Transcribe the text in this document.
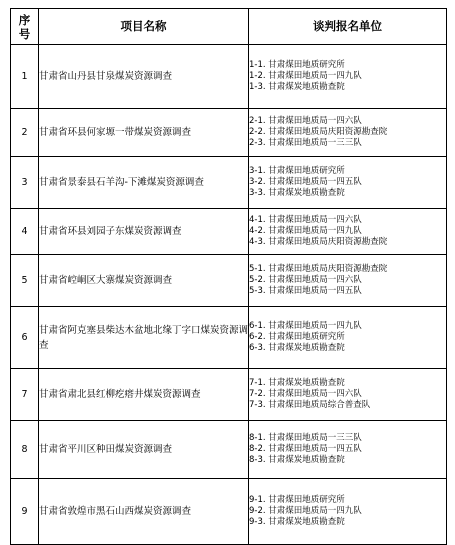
序
号	项目名称	谈判报名单位
1	甘肃省山丹县甘泉煤炭资源调查	1-1. 甘肃煤田地质研究所
1-2. 甘肃煤田地质局一四九队
1-3. 甘肃煤炭地质勘查院

2	甘肃省环县何家塬一带煤炭资源调查	2-1. 甘肃煤田地质局一四六队
2-2. 甘肃煤田地质局庆阳资源勘查院
2-3. 甘肃煤田地质局一三三队

3	甘肃省景泰县石羊沟-下滩煤炭资源调查	3-1. 甘肃煤田地质研究所
3-2. 甘肃煤田地质局一四五队
3-3. 甘肃煤炭地质勘查院

4	甘肃省环县刘园子东煤炭资源调查	4-1. 甘肃煤田地质局一四六队
4-2. 甘肃煤田地质局一四九队
4-3. 甘肃煤田地质局庆阳资源勘查院

5	甘肃省崆峒区大寨煤炭资源调查	5-1. 甘肃煤田地质局庆阳资源勘查院
5-2. 甘肃煤田地质局一四六队
5-3. 甘肃煤田地质局一四五队

6	甘肃省阿克塞县柴达木盆地北缘丁字口煤炭资源调查	6-1. 甘肃煤田地质局一四九队
6-2. 甘肃煤田地质研究所
6-3. 甘肃煤炭地质勘查院

7	甘肃省肃北县红柳疙瘩井煤炭资源调查	7-1. 甘肃煤炭地质勘查院
7-2. 甘肃煤田地质局一四六队
7-3. 甘肃煤田地质局综合普查队

8	甘肃省平川区种田煤炭资源调查	8-1. 甘肃煤田地质局一三三队
8-2. 甘肃煤田地质局一四五队
8-3. 甘肃煤炭地质勘查院

9	甘肃省敦煌市黑石山西煤炭资源调查	9-1. 甘肃煤田地质研究所
9-2. 甘肃煤田地质局一四九队
9-3. 甘肃煤炭地质勘查院
